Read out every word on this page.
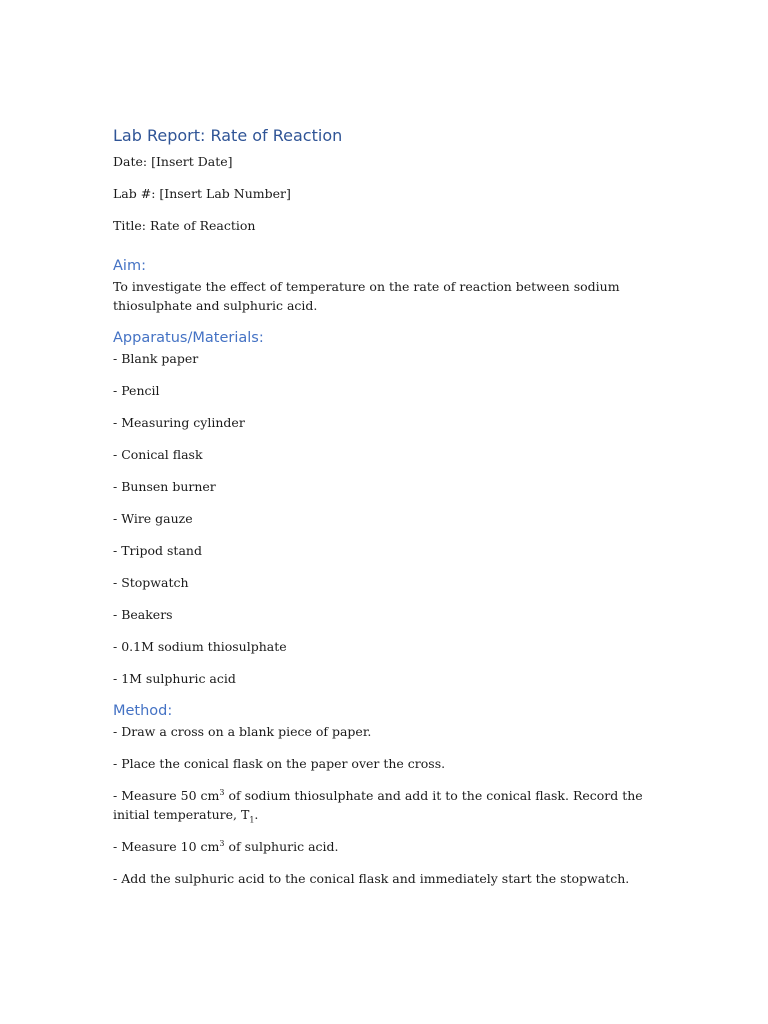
Lab Report: Rate of Reaction

Date: [Insert Date]

Lab #: [Insert Lab Number]

Title: Rate of Reaction

Aim:

To investigate the effect of temperature on the rate of reaction between sodium thiosulphate and sulphuric acid.

Apparatus/Materials:

- Blank paper

- Pencil

- Measuring cylinder

- Conical flask

- Bunsen burner

- Wire gauze

- Tripod stand

- Stopwatch

- Beakers

- 0.1M sodium thiosulphate

- 1M sulphuric acid

Method:

- Draw a cross on a blank piece of paper.

- Place the conical flask on the paper over the cross.

- Measure 50 $cm^3$ of sodium thiosulphate and add it to the conical flask. Record the initial temperature, $T_1$.

- Measure 10 $cm^3$ of sulphuric acid.

- Add the sulphuric acid to the conical flask and immediately start the stopwatch.
